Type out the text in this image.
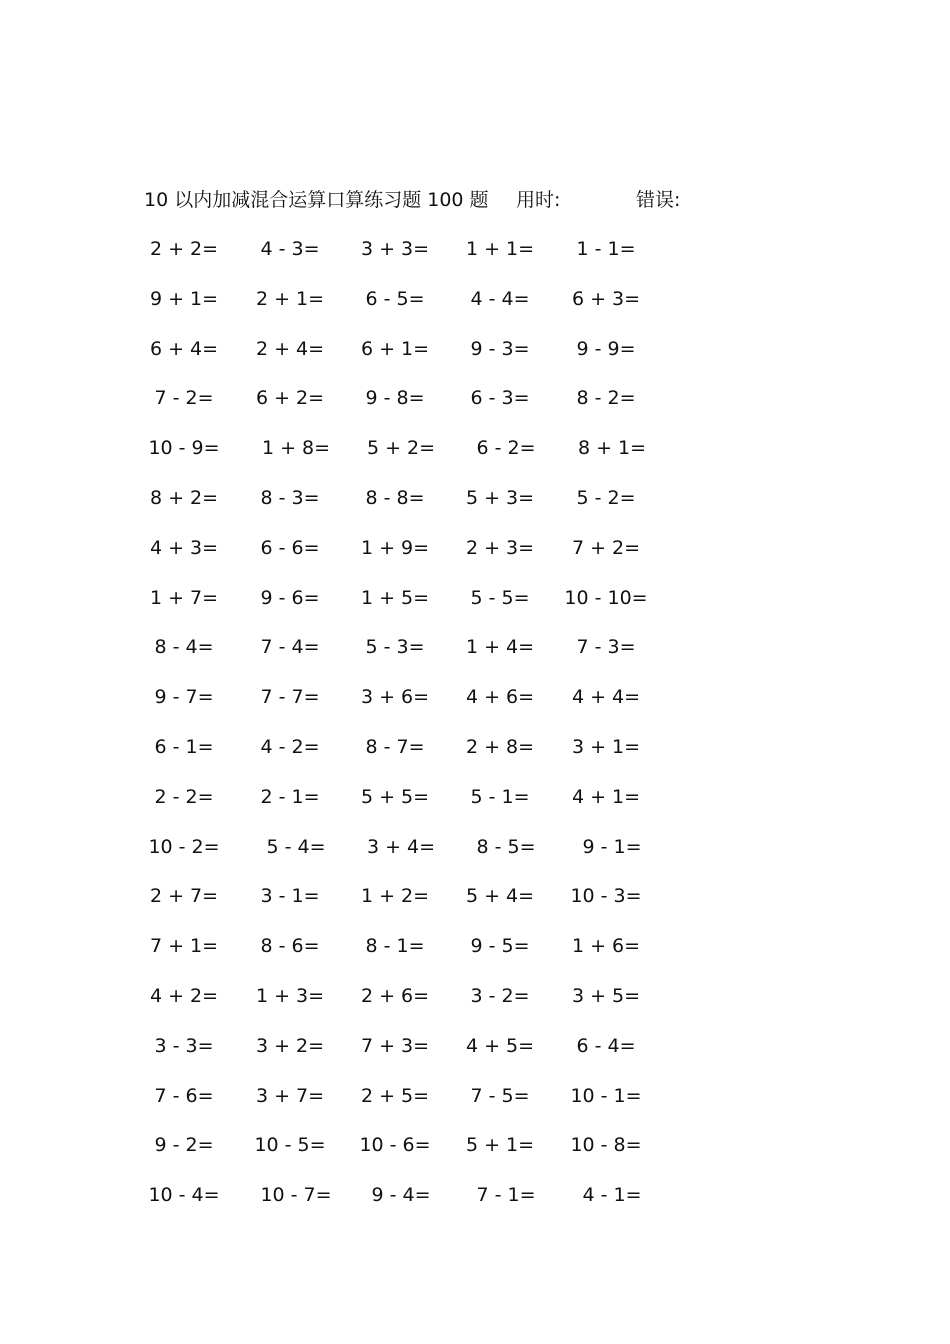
10 以内加减混合运算口算练习题 100 题 用时:	错误:
2 + 2= 4 - 3= 3 + 3= 1 + 1= 1 - 1=
9 + 1= 2 + 1= 6 - 5= 4 - 4= 6 + 3=
6 + 4= 2 + 4= 6 + 1= 9 - 3= 9 - 9=
7 - 2= 6 + 2= 9 - 8= 6 - 3= 8 - 2=
10 - 9= 1 + 8= 5 + 2= 6 - 2= 8 + 1=
8 + 2= 8 - 3= 8 - 8= 5 + 3= 5 - 2=
4 + 3= 6 - 6= 1 + 9= 2 + 3= 7 + 2=
1 + 7= 9 - 6= 1 + 5= 5 - 5= 10 - 10=
8 - 4= 7 - 4= 5 - 3= 1 + 4= 7 - 3=
9 - 7= 7 - 7= 3 + 6= 4 + 6= 4 + 4=
6 - 1= 4 - 2= 8 - 7= 2 + 8= 3 + 1=
2 - 2= 2 - 1= 5 + 5= 5 - 1= 4 + 1=
10 - 2= 5 - 4= 3 + 4= 8 - 5= 9 - 1=
2 + 7= 3 - 1= 1 + 2= 5 + 4= 10 - 3=
7 + 1= 8 - 6= 8 - 1= 9 - 5= 1 + 6=
4 + 2= 1 + 3= 2 + 6= 3 - 2= 3 + 5=
3 - 3= 3 + 2= 7 + 3= 4 + 5= 6 - 4=
7 - 6= 3 + 7= 2 + 5= 7 - 5= 10 - 1=
9 - 2= 10 - 5= 10 - 6= 5 + 1= 10 - 8=
10 - 4= 10 - 7= 9 - 4= 7 - 1= 4 - 1=
